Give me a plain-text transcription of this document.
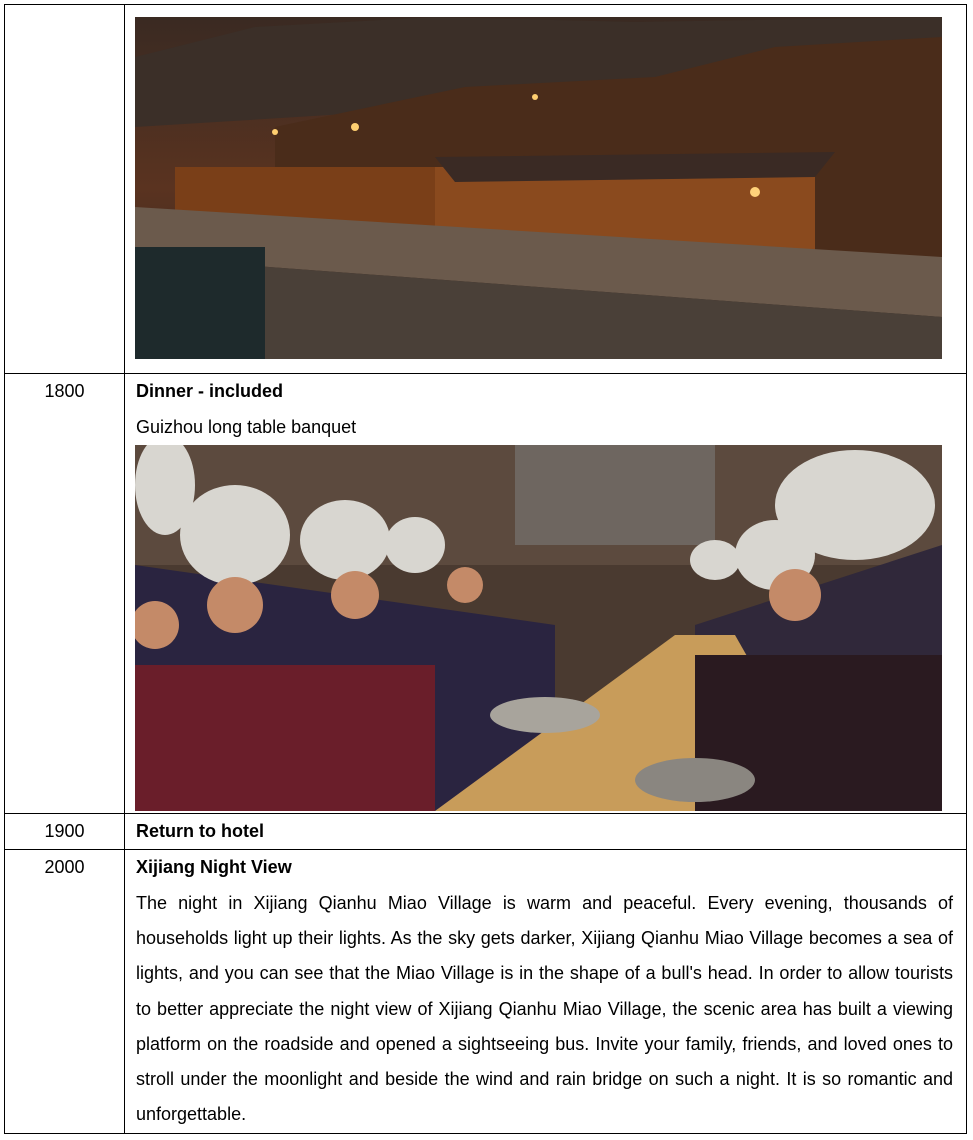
1800	Dinner - included
Guizhou long table banquet
1900	Return to hotel
2000	Xijiang Night View
The night in Xijiang Qianhu Miao Village is warm and peaceful. Every evening, thousands of households light up their lights. As the sky gets darker, Xijiang Qianhu Miao Village becomes a sea of lights, and you can see that the Miao Village is in the shape of a bull's head. In order to allow tourists to better appreciate the night view of Xijiang Qianhu Miao Village, the scenic area has built a viewing platform on the roadside and opened a sightseeing bus. Invite your family, friends, and loved ones to stroll under the moonlight and beside the wind and rain bridge on such a night. It is so romantic and unforgettable.
